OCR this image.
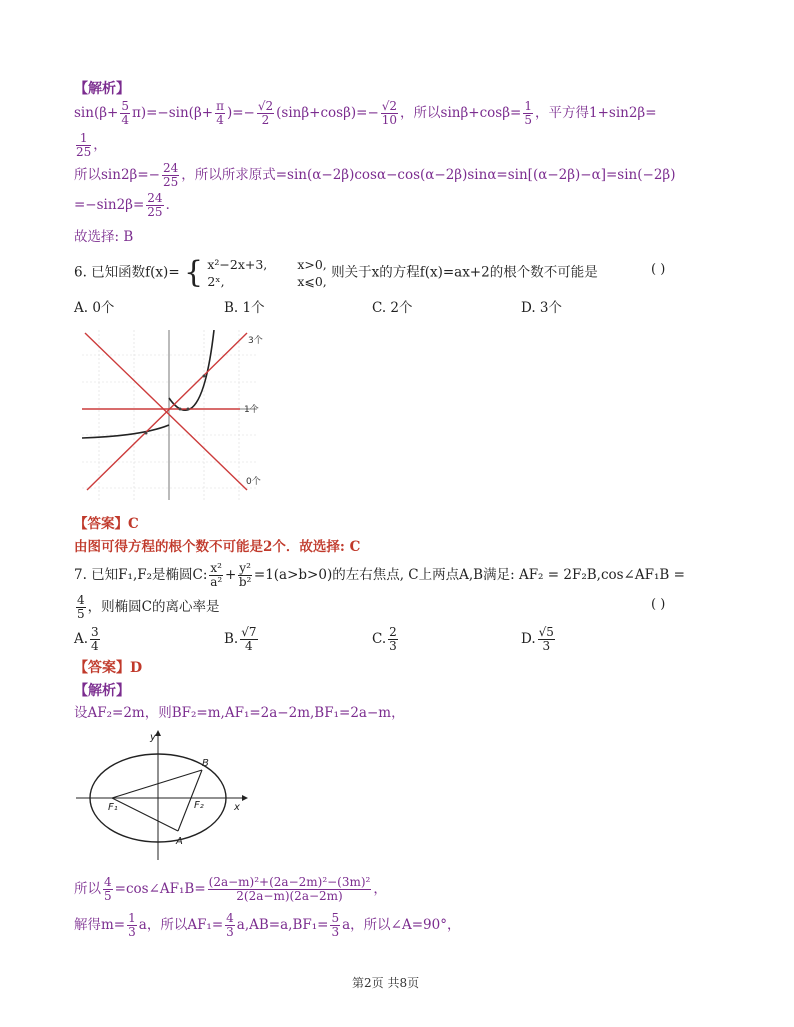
【解析】
$\sin(\beta+ \frac{5}{4} \pi)=-\sin(\beta+ \frac{\pi}{4}$ )=− $\frac{√2}{2} (\sin\beta+\cos\beta)=- \frac{√2}{10}$ ，所以$\sin\beta+\cos\beta= \frac{1}{5}$ ，平方得1+sin2β=
$\frac{1}{25}$ ，
所以$\sin 2\beta=- \frac{24}{25}$ ，所以所求原式=sin(α−2β)cosα−cos(α−2β)sinα=sin[(α−2β)−α]=sin(−2β)
$=-\sin 2\beta= \frac{24}{25}$ ．
故选择: B
6. 已知函数f(x)= { x²−2x+3, x>0,
2ˣ,	x⩽0,
则关于x的方程f(x)=ax+2的根个数不可能是	( )
A. 0个	B. 1个	C. 2个	D. 3个
3个
1个
0个
【答案】C
由图可得方程的根个数不可能是2个．故选择: C
7. 已知F₁,F₂是椭圆C: $\frac{\text{x²}}{\text{a²}} + \frac{\text{y²}}{\text{b²}} =1(a>b>0)$的左右焦点, C上两点A,B满足: AF₂ = 2F₂B,cos∠AF₁B =
$\frac{4}{5}$ ，则椭圆C的离心率是	( )
A. $\frac{3}{4}$	B. $\frac{√7}{4}$	C. $\frac{2}{3}$	D. $\frac{√5}{3}$
【答案】D
【解析】
设AF₂=2m，则BF₂=m,AF₁=2a−2m,BF₁=2a−m，
y
x
B
F₁	F₂
A
所以 $\frac{4}{5}$ =cos∠AF₁B= $\frac{\text{(2a−m)²+(2a−2m)²−(3m)²}}{2(2a-m)(2a-2m)}$ ，
解得$m= \frac{1}{3}$ a，所以$AF_1= \frac{4}{3} a,AB=a,BF_1= \frac{5}{3}$ a，所以∠A=90°，
第2页 共8页
